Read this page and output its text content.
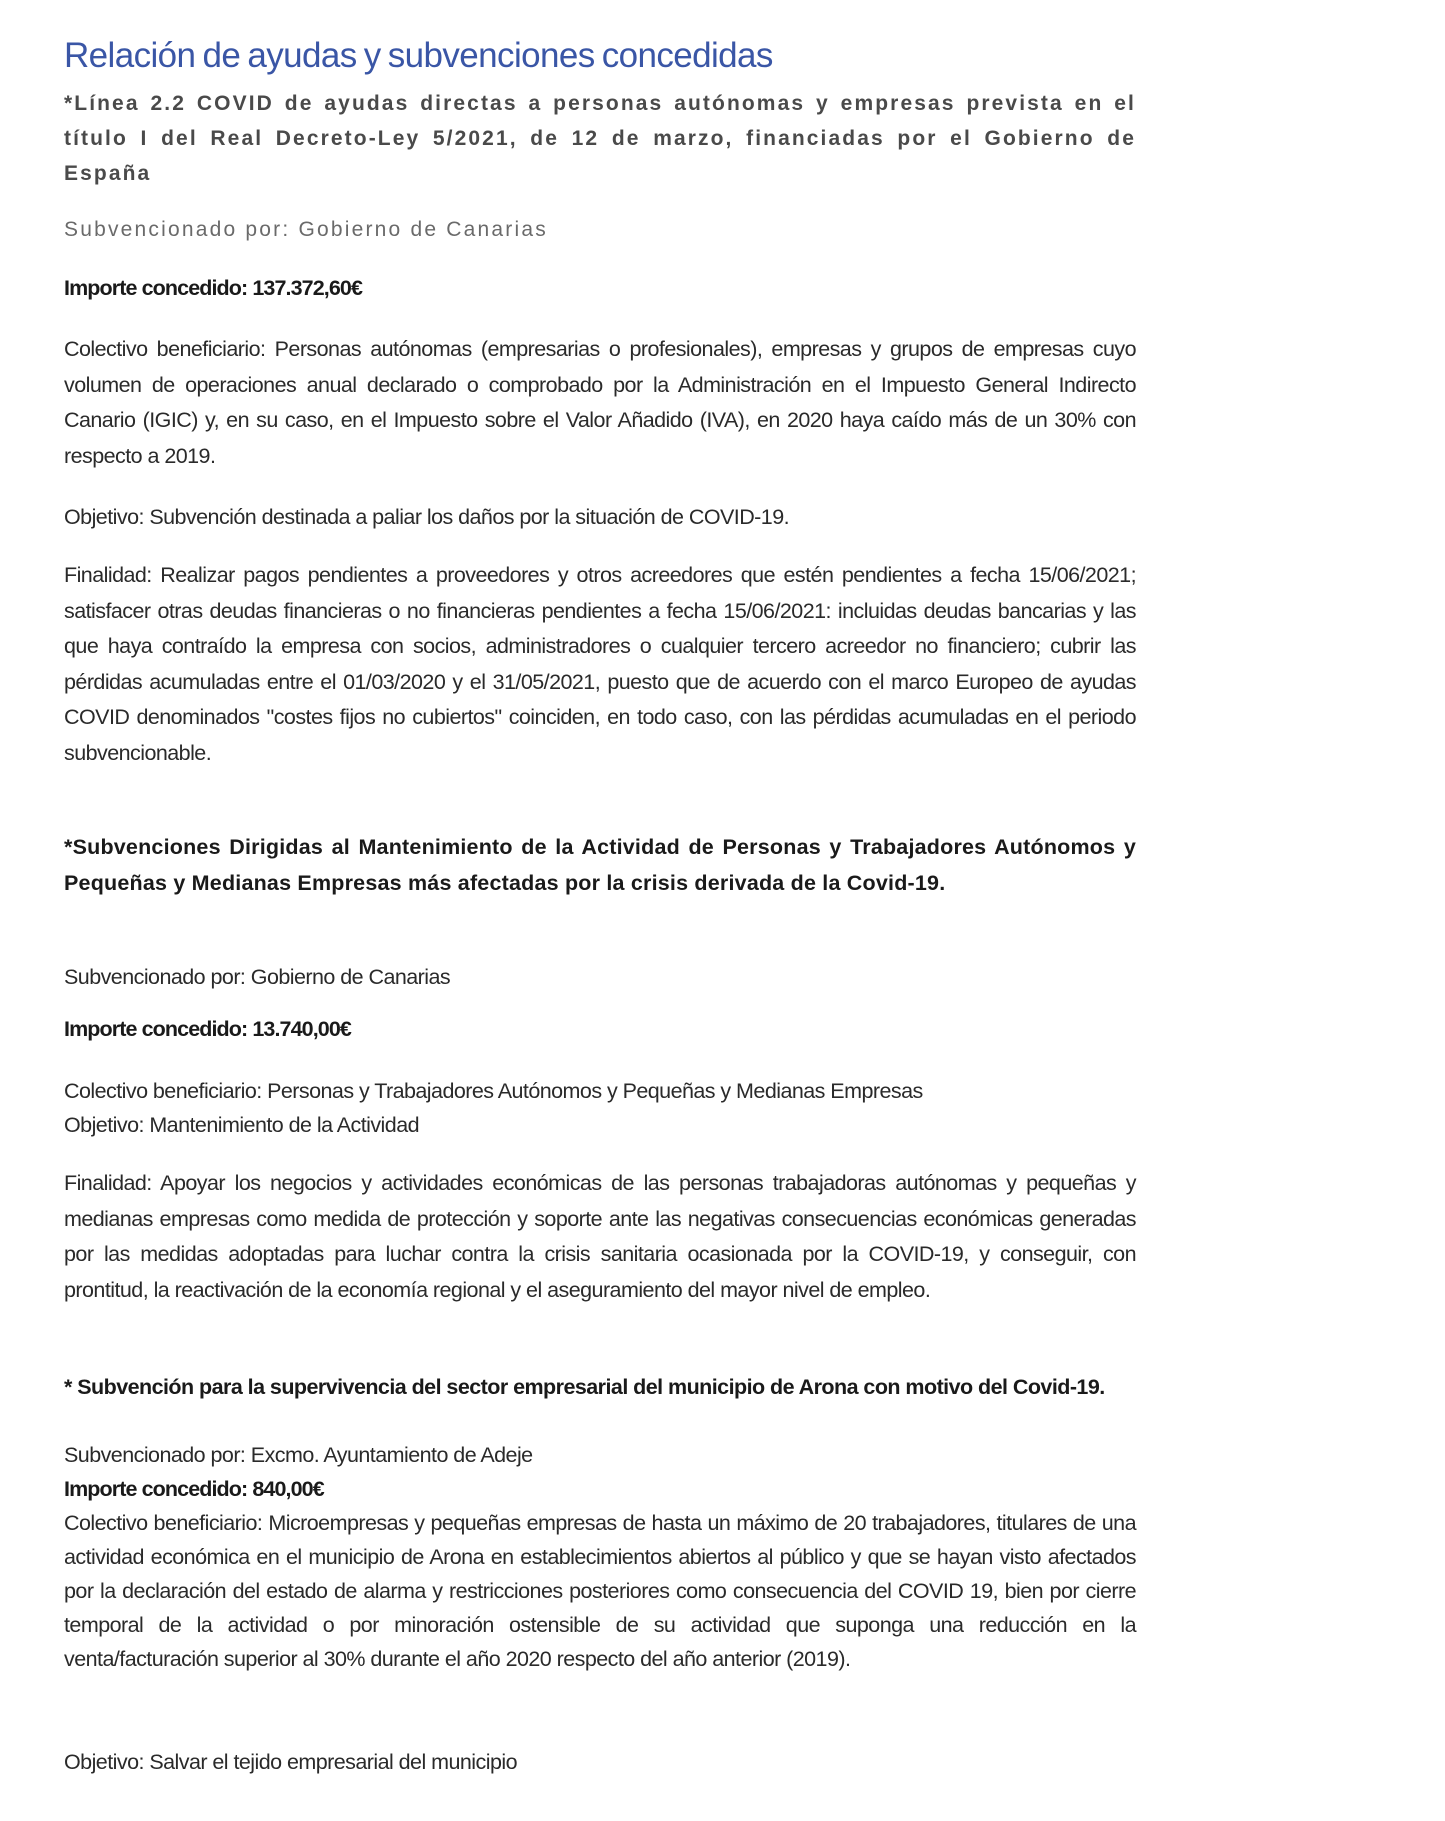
Relación de ayudas y subvenciones concedidas

*Línea 2.2 COVID de ayudas directas a personas autónomas y empresas prevista en el título I del Real Decreto-Ley 5/2021, de 12 de marzo, financiadas por el Gobierno de España

Subvencionado por: Gobierno de Canarias

Importe concedido: 137.372,60€

Colectivo beneficiario: Personas autónomas (empresarias o profesionales), empresas y grupos de empresas cuyo volumen de operaciones anual declarado o comprobado por la Administración en el Impuesto General Indirecto Canario (IGIC) y, en su caso, en el Impuesto sobre el Valor Añadido (IVA), en 2020 haya caído más de un 30% con respecto a 2019.

Objetivo: Subvención destinada a paliar los daños por la situación de COVID-19.

Finalidad: Realizar pagos pendientes a proveedores y otros acreedores que estén pendientes a fecha 15/06/2021; satisfacer otras deudas financieras o no financieras pendientes a fecha 15/06/2021: incluidas deudas bancarias y las que haya contraído la empresa con socios, administradores o cualquier tercero acreedor no financiero; cubrir las pérdidas acumuladas entre el 01/03/2020 y el 31/05/2021, puesto que de acuerdo con el marco Europeo de ayudas COVID denominados "costes fijos no cubiertos" coinciden, en todo caso, con las pérdidas acumuladas en el periodo subvencionable.

*Subvenciones Dirigidas al Mantenimiento de la Actividad de Personas y Trabajadores Autónomos y Pequeñas y Medianas Empresas más afectadas por la crisis derivada de la Covid-19.

Subvencionado por: Gobierno de Canarias

Importe concedido: 13.740,00€

Colectivo beneficiario: Personas y Trabajadores Autónomos y Pequeñas y Medianas Empresas

Objetivo: Mantenimiento de la Actividad

Finalidad: Apoyar los negocios y actividades económicas de las personas trabajadoras autónomas y pequeñas y medianas empresas como medida de protección y soporte ante las negativas consecuencias económicas generadas por las medidas adoptadas para luchar contra la crisis sanitaria ocasionada por la COVID-19, y conseguir, con prontitud, la reactivación de la economía regional y el aseguramiento del mayor nivel de empleo.

* Subvención para la supervivencia del sector empresarial del municipio de Arona con motivo del Covid-19.

Subvencionado por: Excmo. Ayuntamiento de Adeje

Importe concedido: 840,00€

Colectivo beneficiario: Microempresas y pequeñas empresas de hasta un máximo de 20 trabajadores, titulares de una actividad económica en el municipio de Arona en establecimientos abiertos al público y que se hayan visto afectados por la declaración del estado de alarma y restricciones posteriores como consecuencia del COVID 19, bien por cierre temporal de la actividad o por minoración ostensible de su actividad que suponga una reducción en la venta/facturación superior al 30% durante el año 2020 respecto del año anterior (2019).

Objetivo: Salvar el tejido empresarial del municipio
